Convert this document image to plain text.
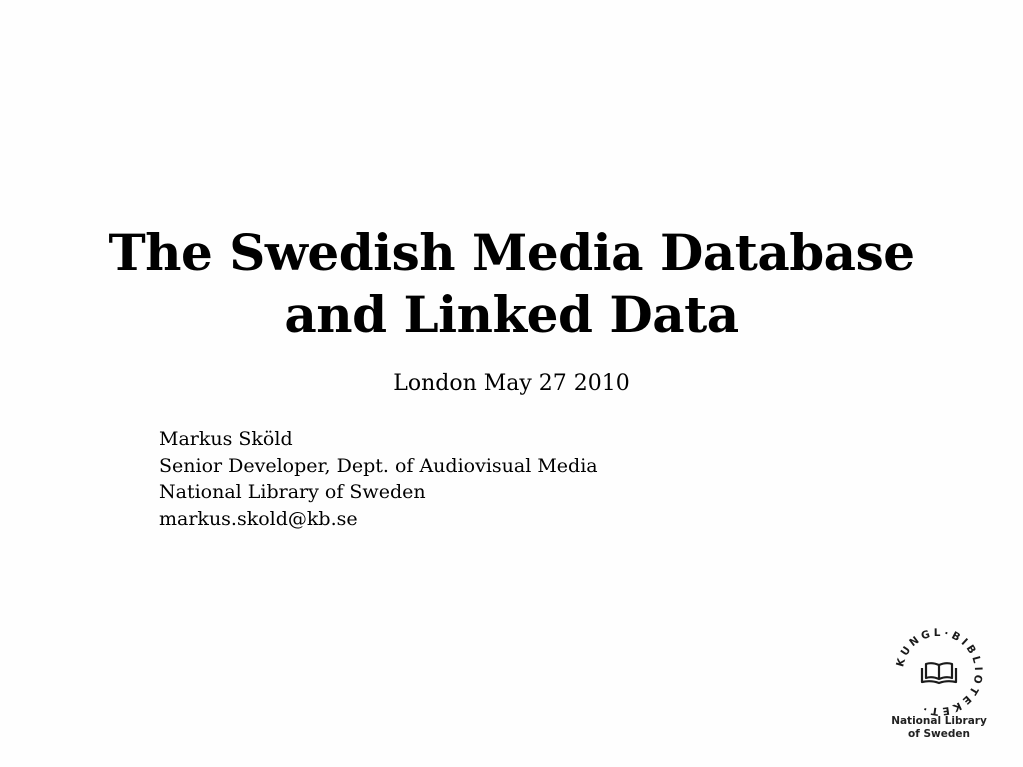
The Swedish Media Database
and Linked Data
London May 27 2010
Markus Sköld
Senior Developer, Dept. of Audiovisual Media
National Library of Sweden
markus.skold@kb.se
KUNGL·BIBLIOTEKET·
National Library
of Sweden
